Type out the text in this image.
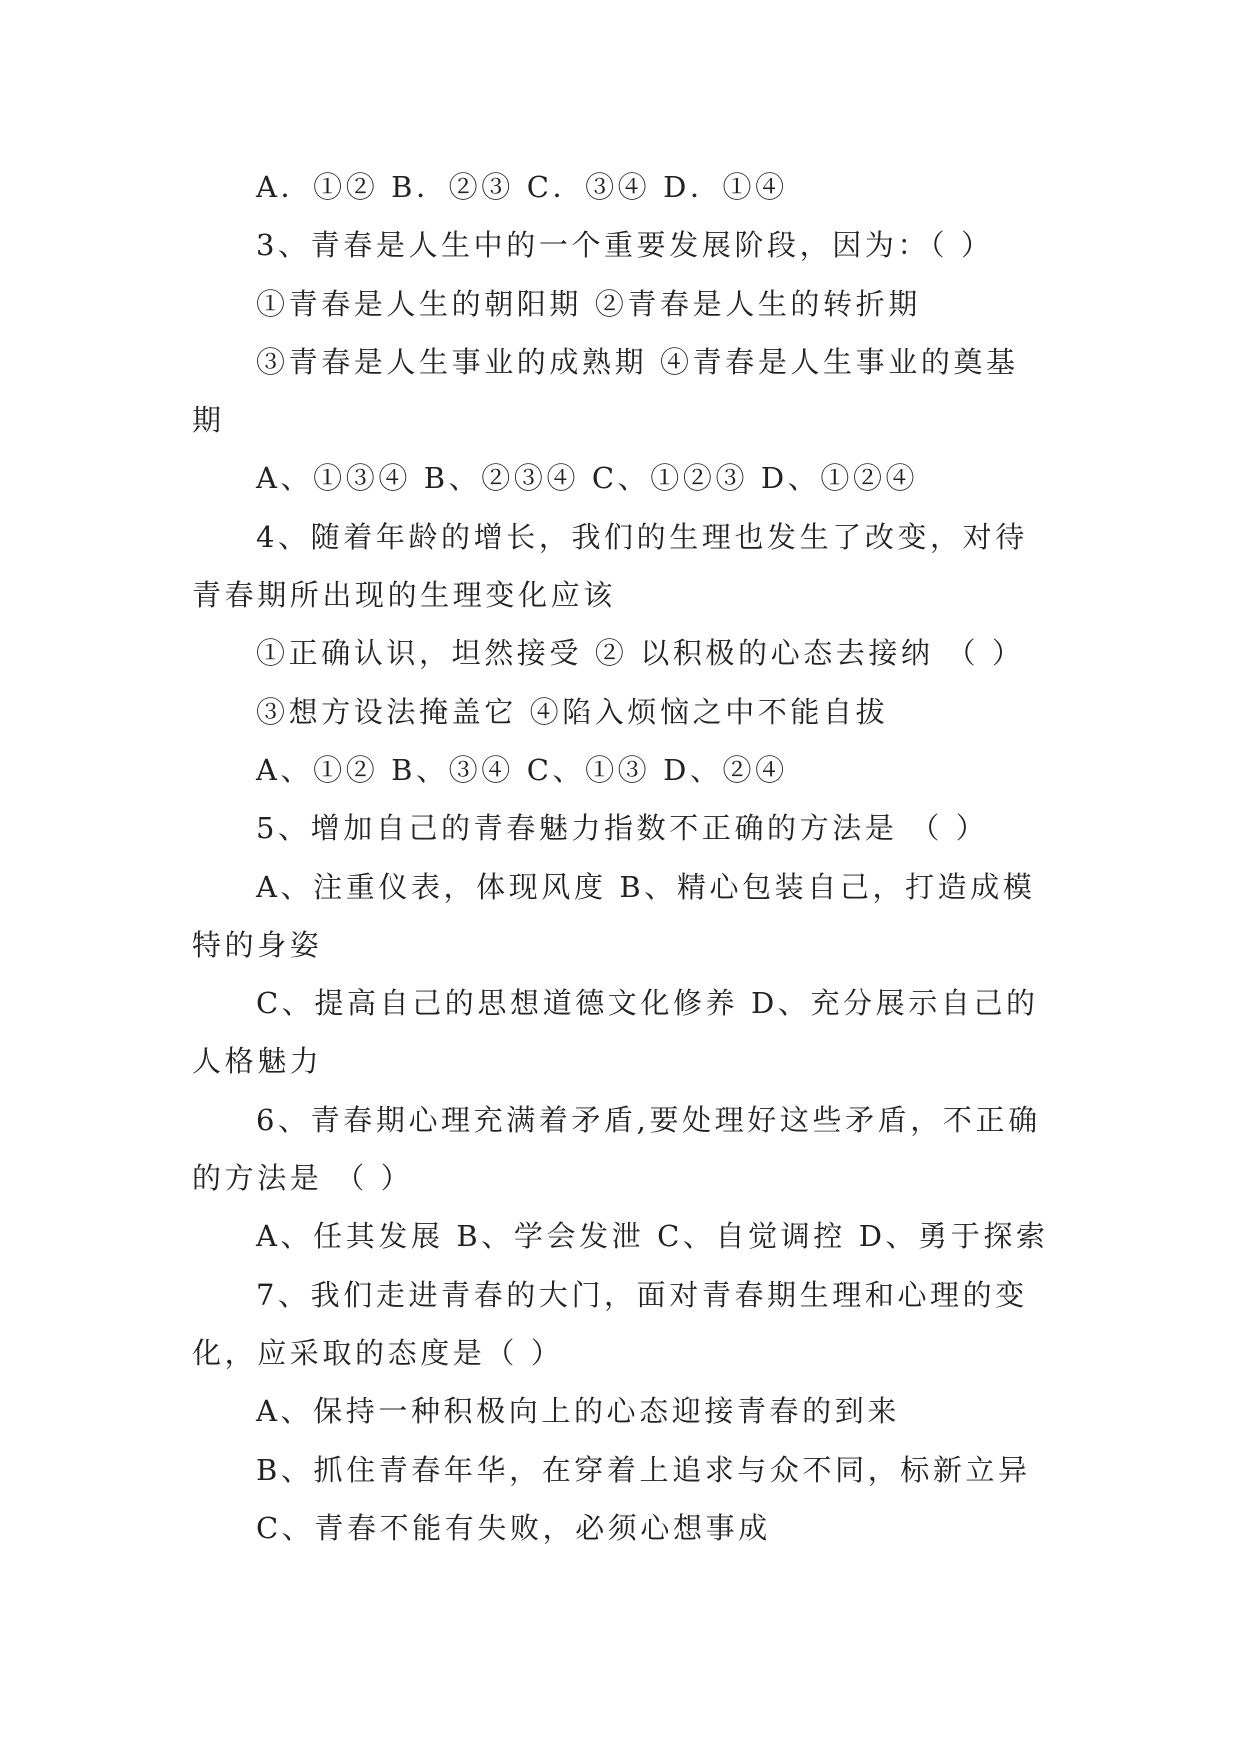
A．①② B．②③ C．③④ D．①④
3、青春是人生中的一个重要发展阶段，因为：（ ）
①青春是人生的朝阳期 ②青春是人生的转折期
③青春是人生事业的成熟期 ④青春是人生事业的奠基
期
A、①③④ B、②③④ C、①②③ D、①②④
4、随着年龄的增长，我们的生理也发生了改变，对待
青春期所出现的生理变化应该
①正确认识，坦然接受 ② 以积极的心态去接纳 （ ）
③想方设法掩盖它 ④陷入烦恼之中不能自拔
A、①② B、③④ C、①③ D、②④
5、增加自己的青春魅力指数不正确的方法是 （ ）
A、注重仪表，体现风度 B、精心包装自己，打造成模
特的身姿
C、提高自己的思想道德文化修养 D、充分展示自己的
人格魅力
6、青春期心理充满着矛盾,要处理好这些矛盾，不正确
的方法是 （ ）
A、任其发展 B、学会发泄 C、自觉调控 D、勇于探索
7、我们走进青春的大门，面对青春期生理和心理的变
化，应采取的态度是（ ）
A、保持一种积极向上的心态迎接青春的到来
B、抓住青春年华，在穿着上追求与众不同，标新立异
C、青春不能有失败，必须心想事成
